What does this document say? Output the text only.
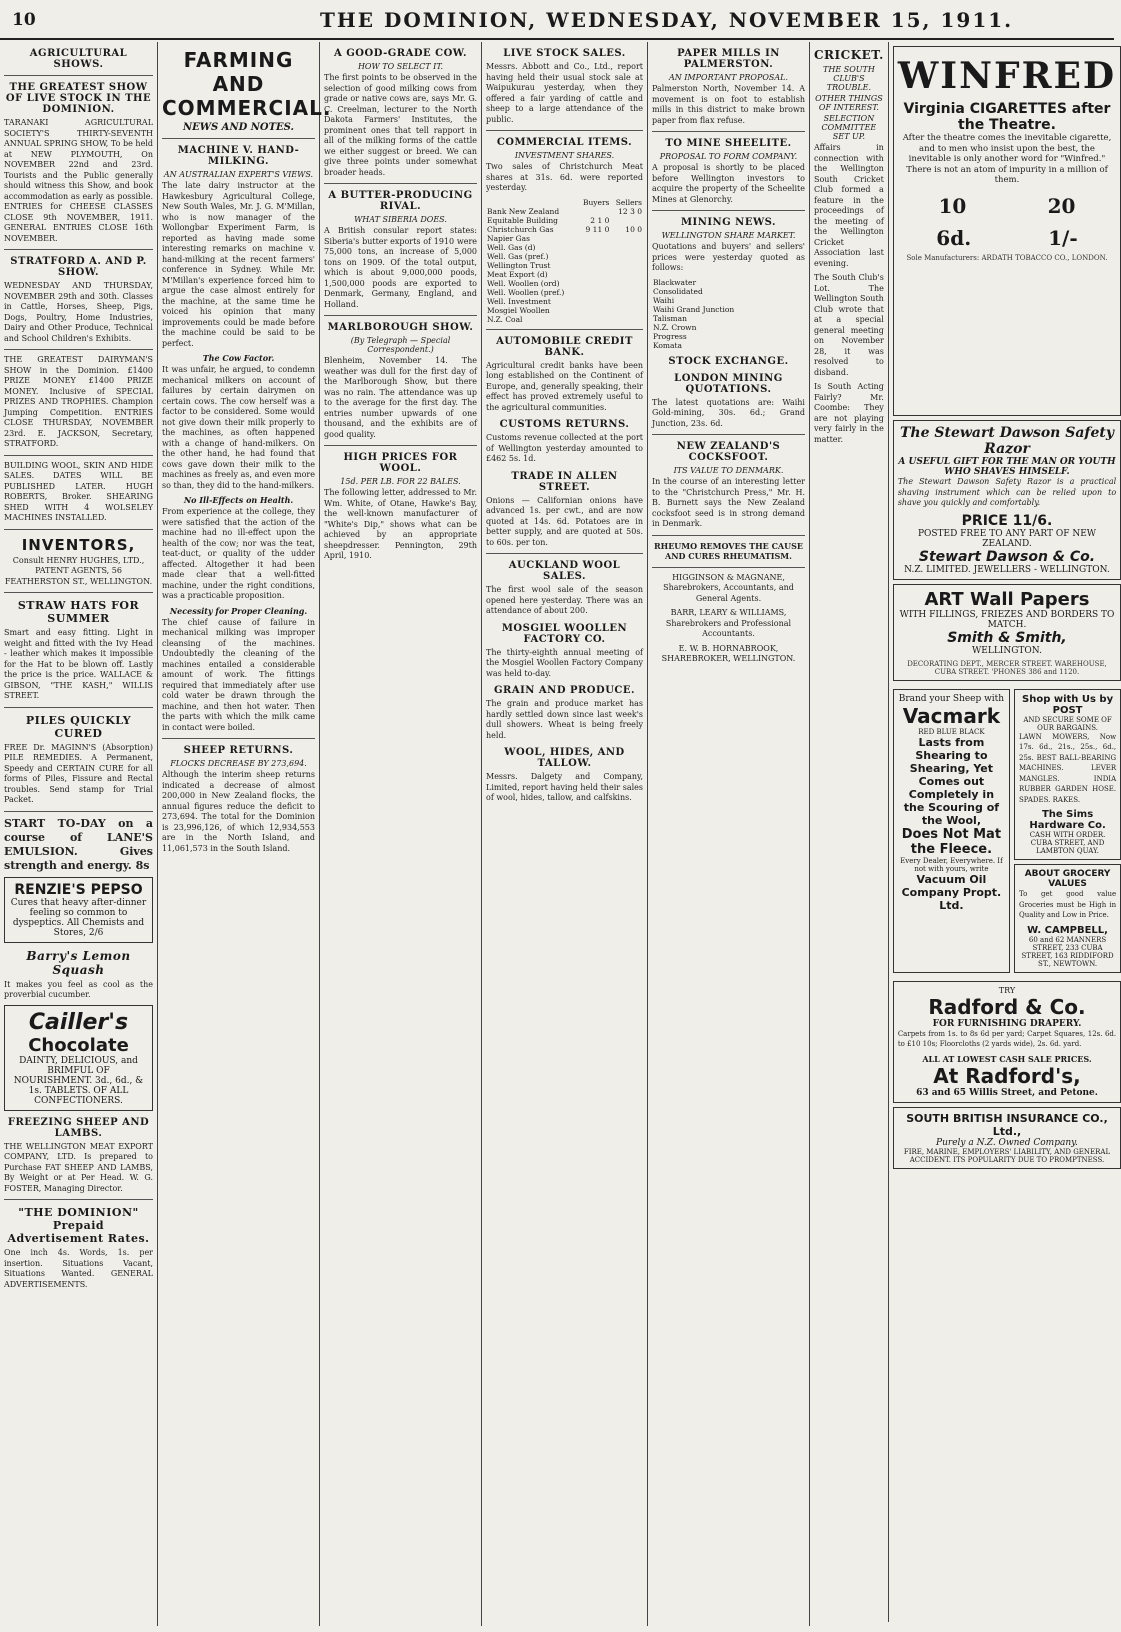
10	THE DOMINION, WEDNESDAY, NOVEMBER 15, 1911.
AGRICULTURAL SHOWS.
THE GREATEST SHOW OF LIVE STOCK IN THE DOMINION.

TARANAKI AGRICULTURAL SOCIETY'S THIRTY-SEVENTH ANNUAL SPRING SHOW, To be held at NEW PLYMOUTH, On NOVEMBER 22nd and 23rd. Tourists and the Public generally should witness this Show, and book accommodation as early as possible. ENTRIES for CHEESE CLASSES CLOSE 9th NOVEMBER, 1911. GENERAL ENTRIES CLOSE 16th NOVEMBER.

STRATFORD A. AND P. SHOW.

WEDNESDAY AND THURSDAY, NOVEMBER 29th and 30th. Classes in Cattle, Horses, Sheep, Pigs, Dogs, Poultry, Home Industries, Dairy and Other Produce, Technical and School Children's Exhibits.

THE GREATEST DAIRYMAN'S SHOW in the Dominion. £1400 PRIZE MONEY £1400 PRIZE MONEY. Inclusive of SPECIAL PRIZES AND TROPHIES. Champion Jumping Competition. ENTRIES CLOSE THURSDAY, NOVEMBER 23rd. E. JACKSON, Secretary, STRATFORD.

BUILDING WOOL, SKIN AND HIDE SALES. DATES WILL BE PUBLISHED LATER. HUGH ROBERTS, Broker. SHEARING SHED WITH 4 WOLSELEY MACHINES INSTALLED.

INVENTORS,

Consult HENRY HUGHES, LTD., PATENT AGENTS, 56 FEATHERSTON ST., WELLINGTON.

STRAW HATS FOR SUMMER

Smart and easy fitting. Light in weight and fitted with the Ivy Head - leather which makes it impossible for the Hat to be blown off. Lastly the price is the price. WALLACE & GIBSON, "THE KASH," WILLIS STREET.

PILES QUICKLY CURED

FREE Dr. MAGINN'S (Absorption) PILE REMEDIES. A Permanent, Speedy and CERTAIN CURE for all forms of Piles, Fissure and Rectal troubles. Send stamp for Trial Packet.

START TO-DAY on a course of LANE'S EMULSION. Gives strength and energy. 8s

RENZIE'S PEPSO
Cures that heavy after-dinner feeling so common to dyspeptics. All Chemists and Stores, 2/6
Barry's Lemon Squash

It makes you feel as cool as the proverbial cucumber.

Cailler's
Chocolate
DAINTY, DELICIOUS, and BRIMFUL OF NOURISHMENT. 3d., 6d., & 1s. TABLETS. OF ALL CONFECTIONERS.
FREEZING SHEEP AND LAMBS.

THE WELLINGTON MEAT EXPORT COMPANY, LTD. Is prepared to Purchase FAT SHEEP AND LAMBS, By Weight or at Per Head. W. G. FOSTER, Managing Director.

"THE DOMINION" Prepaid Advertisement Rates.

One inch 4s. Words, 1s. per insertion. Situations Vacant, Situations Wanted. GENERAL ADVERTISEMENTS.

FARMING AND COMMERCIAL.
NEWS AND NOTES.
MACHINE V. HAND-MILKING.
AN AUSTRALIAN EXPERT'S VIEWS.

The late dairy instructor at the Hawkesbury Agricultural College, New South Wales, Mr. J. G. M'Millan, who is now manager of the Wollongbar Experiment Farm, is reported as having made some interesting remarks on machine v. hand-milking at the recent farmers' conference in Sydney. While Mr. M'Millan's experience forced him to argue the case almost entirely for the machine, at the same time he voiced his opinion that many improvements could be made before the machine could be said to be perfect.

The Cow Factor.

It was unfair, he argued, to condemn mechanical milkers on account of failures by certain dairymen on certain cows. The cow herself was a factor to be considered. Some would not give down their milk properly to the machines, as often happened with a change of hand-milkers. On the other hand, he had found that cows gave down their milk to the machines as freely as, and even more so than, they did to the hand-milkers.

No Ill-Effects on Health.

From experience at the college, they were satisfied that the action of the machine had no ill-effect upon the health of the cow; nor was the teat, teat-duct, or quality of the udder affected. Altogether it had been made clear that a well-fitted machine, under the right conditions, was a practicable proposition.

Necessity for Proper Cleaning.

The chief cause of failure in mechanical milking was improper cleansing of the machines. Undoubtedly the cleaning of the machines entailed a considerable amount of work. The fittings required that immediately after use cold water be drawn through the machine, and then hot water. Then the parts with which the milk came in contact were boiled.

SHEEP RETURNS.
FLOCKS DECREASE BY 273,694.

Although the interim sheep returns indicated a decrease of almost 200,000 in New Zealand flocks, the annual figures reduce the deficit to 273,694. The total for the Dominion is 23,996,126, of which 12,934,553 are in the North Island, and 11,061,573 in the South Island.

A GOOD-GRADE COW.
HOW TO SELECT IT.

The first points to be observed in the selection of good milking cows from grade or native cows are, says Mr. G. C. Creelman, lecturer to the North Dakota Farmers' Institutes, the prominent ones that tell rapport in all of the milking forms of the cattle we either suggest or breed. We can give three points under somewhat broader heads.

A BUTTER-PRODUCING RIVAL.
WHAT SIBERIA DOES.

A British consular report states: Siberia's butter exports of 1910 were 75,000 tons, an increase of 5,000 tons on 1909. Of the total output, which is about 9,000,000 poods, 1,500,000 poods are exported to Denmark, Germany, England, and Holland.

MARLBOROUGH SHOW.
(By Telegraph — Special Correspondent.)

Blenheim, November 14. The weather was dull for the first day of the Marlborough Show, but there was no rain. The attendance was up to the average for the first day. The entries number upwards of one thousand, and the exhibits are of good quality.

HIGH PRICES FOR WOOL.
15d. PER LB. FOR 22 BALES.

The following letter, addressed to Mr. Wm. White, of Otane, Hawke's Bay, the well-known manufacturer of "White's Dip," shows what can be achieved by an appropriate sheepdresser. Pennington, 29th April, 1910.

LIVE STOCK SALES.

Messrs. Abbott and Co., Ltd., report having held their usual stock sale at Waipukurau yesterday, when they offered a fair yarding of cattle and sheep to a large attendance of the public.

COMMERCIAL ITEMS.
INVESTMENT SHARES.

Two sales of Christchurch Meat shares at 31s. 6d. were reported yesterday.

	Buyers	Sellers
Bank New Zealand		12 3 0
Equitable Building	2 1 0	
Christchurch Gas	9 11 0	10 0
Napier Gas		
Well. Gas (d)		
Well. Gas (pref.)		
Wellington Trust		
Meat Export (d)		
Well. Woollen (ord)		
Well. Woollen (pref.)		
Well. Investment		
Mosgiel Woollen		
N.Z. Coal		
AUTOMOBILE CREDIT BANK.

Agricultural credit banks have been long established on the Continent of Europe, and, generally speaking, their effect has proved extremely useful to the agricultural communities.

CUSTOMS RETURNS.

Customs revenue collected at the port of Wellington yesterday amounted to £462 5s. 1d.

TRADE IN ALLEN STREET.

Onions — Californian onions have advanced 1s. per cwt., and are now quoted at 14s. 6d. Potatoes are in better supply, and are quoted at 50s. to 60s. per ton.

AUCKLAND WOOL SALES.

The first wool sale of the season opened here yesterday. There was an attendance of about 200.

MOSGIEL WOOLLEN FACTORY CO.

The thirty-eighth annual meeting of the Mosgiel Woollen Factory Company was held to-day.

GRAIN AND PRODUCE.

The grain and produce market has hardly settled down since last week's dull showers. Wheat is being freely held.

WOOL, HIDES, AND TALLOW.

Messrs. Dalgety and Company, Limited, report having held their sales of wool, hides, tallow, and calfskins.

PAPER MILLS IN PALMERSTON.
AN IMPORTANT PROPOSAL.

Palmerston North, November 14. A movement is on foot to establish mills in this district to make brown paper from flax refuse.

TO MINE SHEELITE.
PROPOSAL TO FORM COMPANY.

A proposal is shortly to be placed before Wellington investors to acquire the property of the Scheelite Mines at Glenorchy.

MINING NEWS.
WELLINGTON SHARE MARKET.

Quotations and buyers' and sellers' prices were yesterday quoted as follows:

Blackwater		
Consolidated		
Waihi		
Waihi Grand Junction		
Talisman		
N.Z. Crown		
Progress		
Komata		
STOCK EXCHANGE.
LONDON MINING QUOTATIONS.

The latest quotations are: Waihi Gold-mining, 30s. 6d.; Grand Junction, 23s. 6d.

NEW ZEALAND'S COCKSFOOT.
ITS VALUE TO DENMARK.

In the course of an interesting letter to the "Christchurch Press," Mr. H. B. Burnett says the New Zealand cocksfoot seed is in strong demand in Denmark.

RHEUMO REMOVES THE CAUSE AND CURES RHEUMATISM.

HIGGINSON & MAGNANE, Sharebrokers, Accountants, and General Agents.

BARR, LEARY & WILLIAMS, Sharebrokers and Professional Accountants.

E. W. B. HORNABROOK, SHAREBROKER, WELLINGTON.

CRICKET.
THE SOUTH CLUB'S TROUBLE.
OTHER THINGS OF INTEREST.
SELECTION COMMITTEE SET UP.

Affairs in connection with the Wellington South Cricket Club formed a feature in the proceedings of the meeting of the Wellington Cricket Association last evening.

The South Club's Lot. The Wellington South Club wrote that at a special general meeting on November 28, it was resolved to disband.

Is South Acting Fairly? Mr. Coombe: They are not playing very fairly in the matter.

WINFRED
Virginia CIGARETTES after the Theatre.

After the theatre comes the inevitable cigarette, and to men who insist upon the best, the inevitable is only another word for "Winfred." There is not an atom of impurity in a million of them.

10	20
6d.	1/-
Sole Manufacturers: ARDATH TOBACCO CO., LONDON.
The Stewart Dawson Safety Razor
A USEFUL GIFT FOR THE MAN OR YOUTH WHO SHAVES HIMSELF.

The Stewart Dawson Safety Razor is a practical shaving instrument which can be relied upon to shave you quickly and comfortably.

PRICE 11/6.
POSTED FREE TO ANY PART OF NEW ZEALAND.
Stewart Dawson & Co.
N.Z. LIMITED. JEWELLERS - WELLINGTON.
ART Wall Papers
WITH FILLINGS, FRIEZES AND BORDERS TO MATCH.
Smith & Smith,
WELLINGTON.
DECORATING DEPT., MERCER STREET. WAREHOUSE, CUBA STREET. 'PHONES 386 and 1120.
Brand your Sheep with
Vacmark
RED BLUE BLACK
Lasts from Shearing to Shearing, Yet Comes out Completely in the Scouring of the Wool,
Does Not Mat the Fleece.
Every Dealer, Everywhere. If not with yours, write
Vacuum Oil Company Propt. Ltd.
Shop with Us by POST
AND SECURE SOME OF OUR BARGAINS.

LAWN MOWERS, Now 17s. 6d., 21s., 25s., 6d., 25s. BEST BALL-BEARING MACHINES. LEVER MANGLES. INDIA RUBBER GARDEN HOSE. SPADES. RAKES.

The Sims Hardware Co.
CASH WITH ORDER. CUBA STREET, AND LAMBTON QUAY.
ABOUT GROCERY VALUES

To get good value Groceries must be High in Quality and Low in Price.

W. CAMPBELL,
60 and 62 MANNERS STREET, 233 CUBA STREET, 163 RIDDIFORD ST., NEWTOWN.
TRY
Radford & Co.
FOR FURNISHING DRAPERY.

Carpets from 1s. to 8s 6d per yard; Carpet Squares, 12s. 6d. to £10 10s; Floorcloths (2 yards wide), 2s. 6d. yard.

ALL AT LOWEST CASH SALE PRICES.
At Radford's,
63 and 65 Willis Street, and Petone.
SOUTH BRITISH INSURANCE CO., Ltd.,
Purely a N.Z. Owned Company.
FIRE, MARINE, EMPLOYERS' LIABILITY, AND GENERAL ACCIDENT. ITS POPULARITY DUE TO PROMPTNESS.
